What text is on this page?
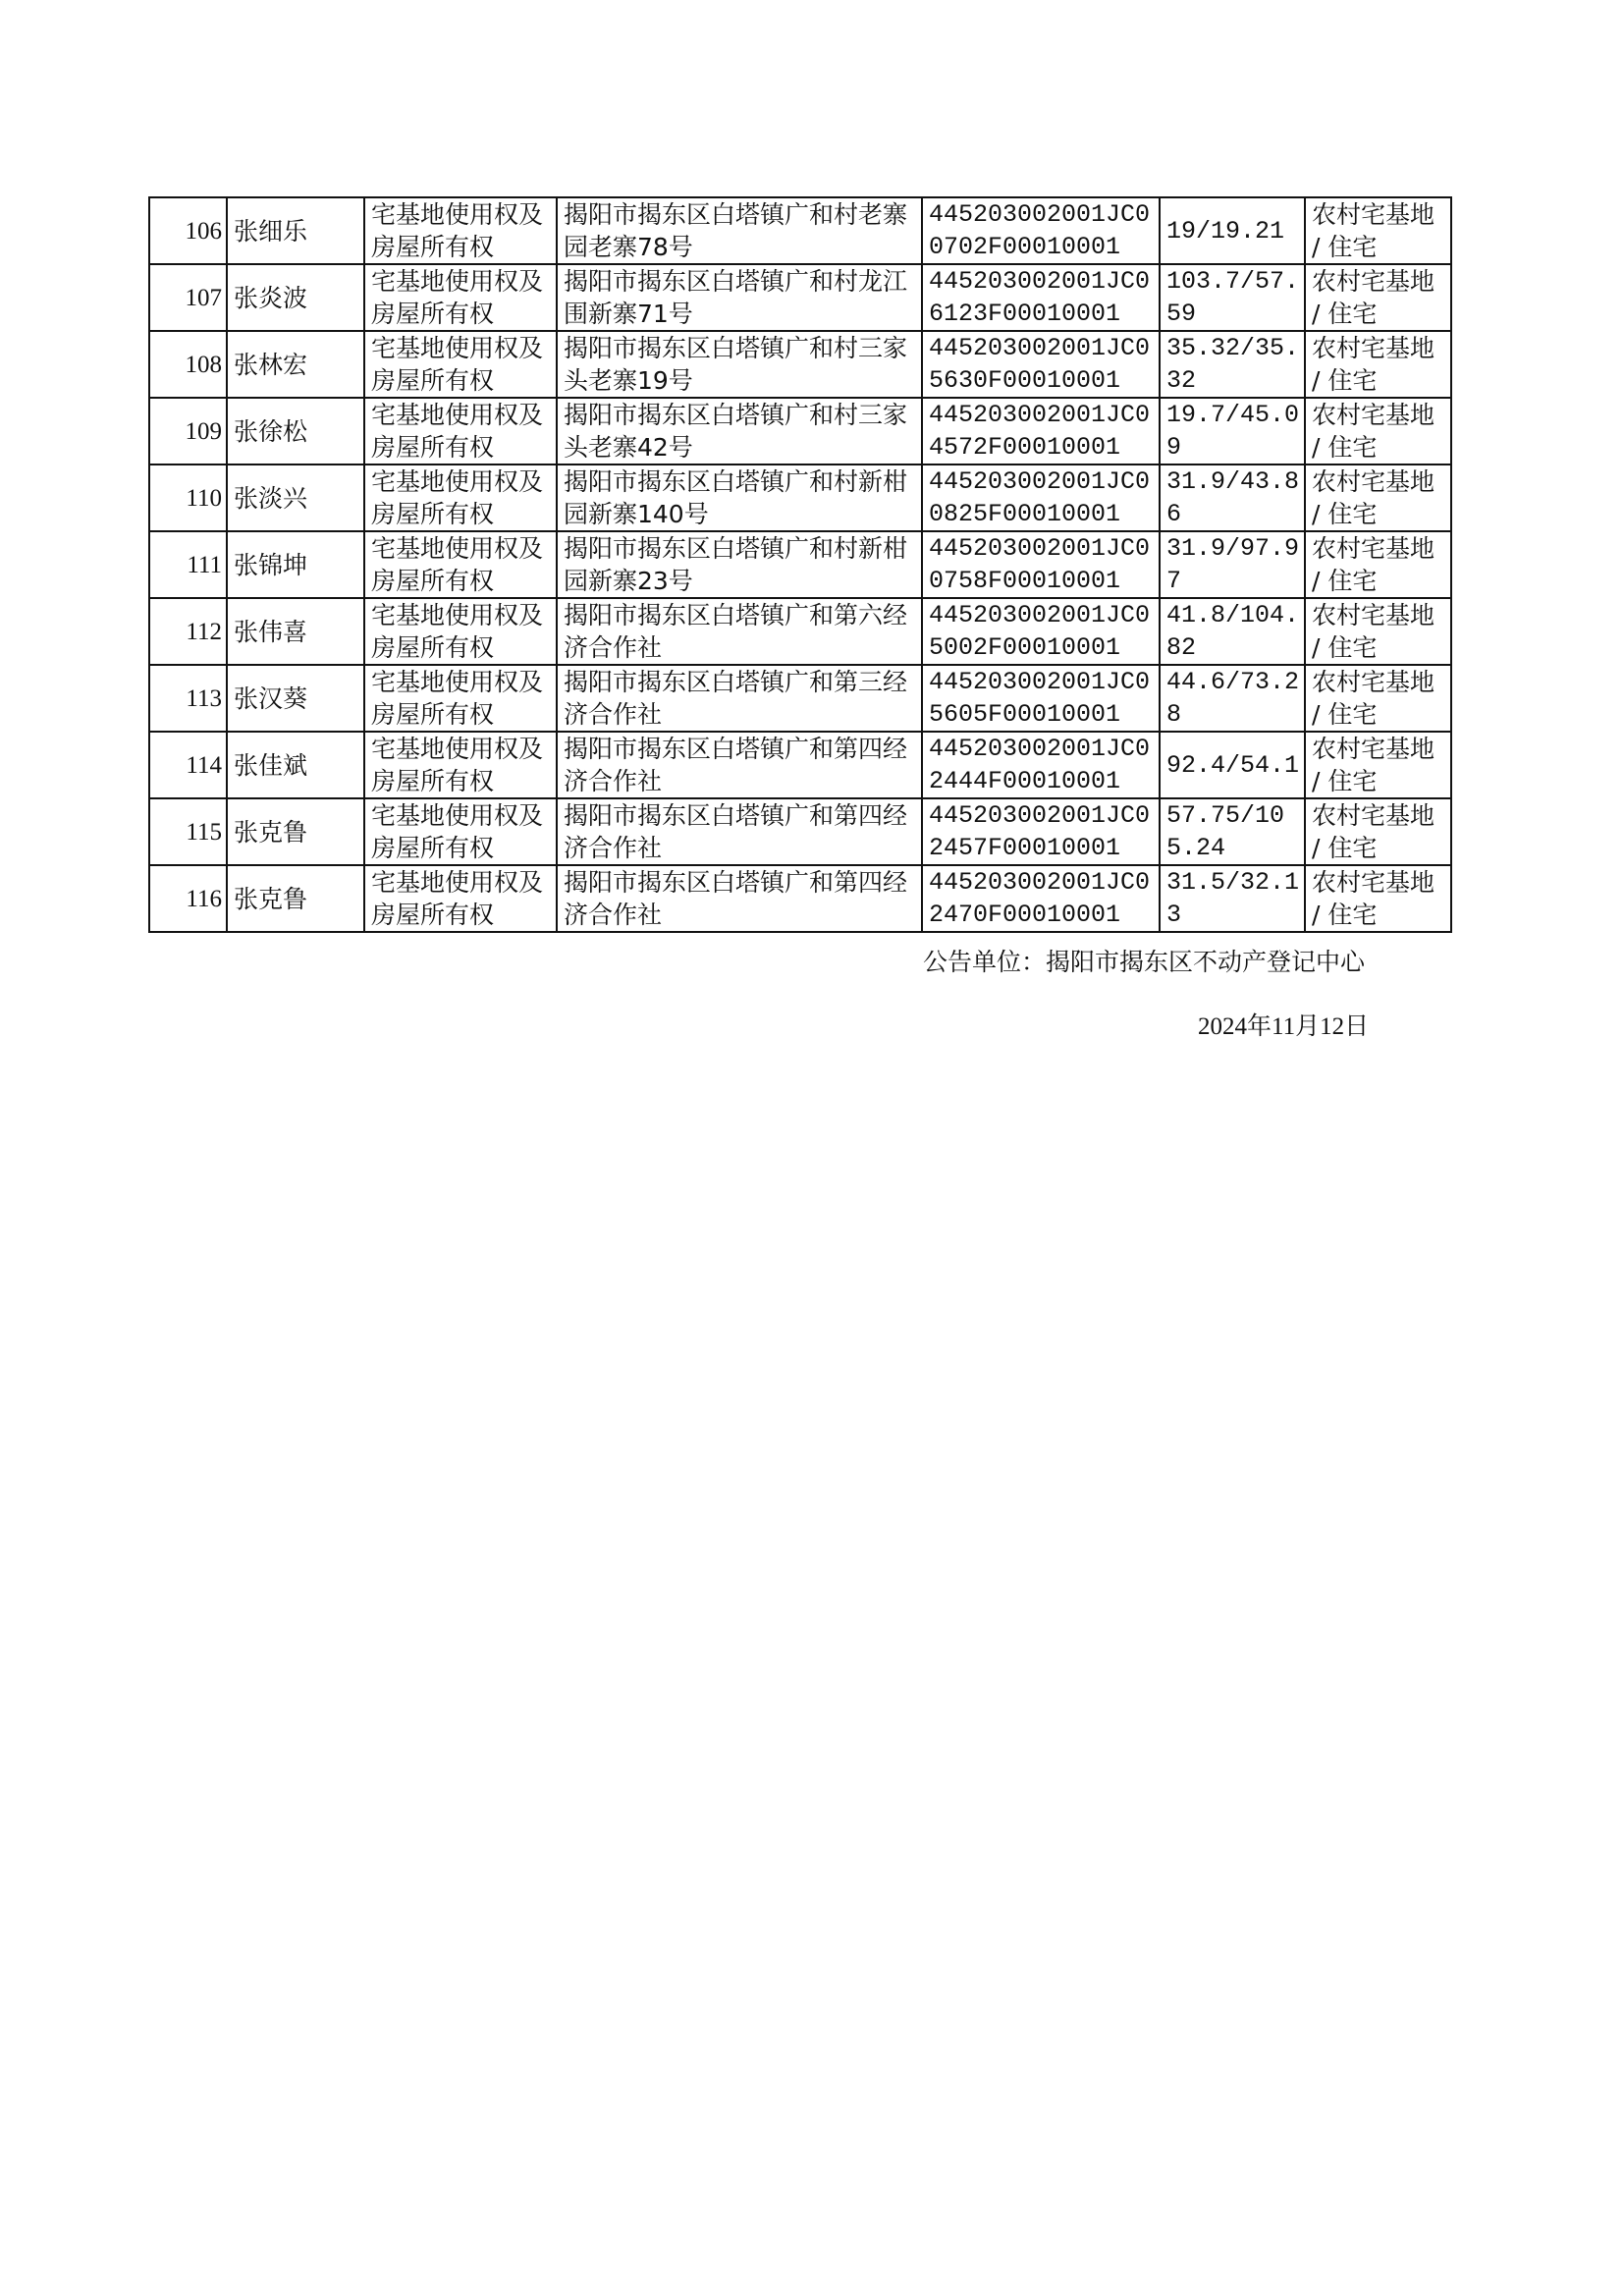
106	张细乐	宅基地使用权及房屋所有权	揭阳市揭东区白塔镇广和村老寨园老寨78号	445203002001JC00702F00010001	19/19.21	农村宅基地 / 住宅

107	张炎波	宅基地使用权及房屋所有权	揭阳市揭东区白塔镇广和村龙江围新寨71号	445203002001JC06123F00010001	103.7/57.59	农村宅基地 / 住宅

108	张林宏	宅基地使用权及房屋所有权	揭阳市揭东区白塔镇广和村三家头老寨19号	445203002001JC05630F00010001	35.32/35.32	农村宅基地 / 住宅

109	张徐松	宅基地使用权及房屋所有权	揭阳市揭东区白塔镇广和村三家头老寨42号	445203002001JC04572F00010001	19.7/45.09	农村宅基地 / 住宅

110	张淡兴	宅基地使用权及房屋所有权	揭阳市揭东区白塔镇广和村新柑园新寨140号	445203002001JC00825F00010001	31.9/43.86	农村宅基地 / 住宅

111	张锦坤	宅基地使用权及房屋所有权	揭阳市揭东区白塔镇广和村新柑园新寨23号	445203002001JC00758F00010001	31.9/97.97	农村宅基地 / 住宅

112	张伟喜	宅基地使用权及房屋所有权	揭阳市揭东区白塔镇广和第六经济合作社	445203002001JC05002F00010001	41.8/104.82	农村宅基地 / 住宅

113	张汉葵	宅基地使用权及房屋所有权	揭阳市揭东区白塔镇广和第三经济合作社	445203002001JC05605F00010001	44.6/73.28	农村宅基地 / 住宅

114	张佳斌	宅基地使用权及房屋所有权	揭阳市揭东区白塔镇广和第四经济合作社	445203002001JC02444F00010001	92.4/54.1	农村宅基地 / 住宅

115	张克鲁	宅基地使用权及房屋所有权	揭阳市揭东区白塔镇广和第四经济合作社	445203002001JC02457F00010001	57.75/105.24	农村宅基地 / 住宅

116	张克鲁	宅基地使用权及房屋所有权	揭阳市揭东区白塔镇广和第四经济合作社	445203002001JC02470F00010001	31.5/32.13	农村宅基地 / 住宅
公告单位：揭阳市揭东区不动产登记中心
2024年11月12日
